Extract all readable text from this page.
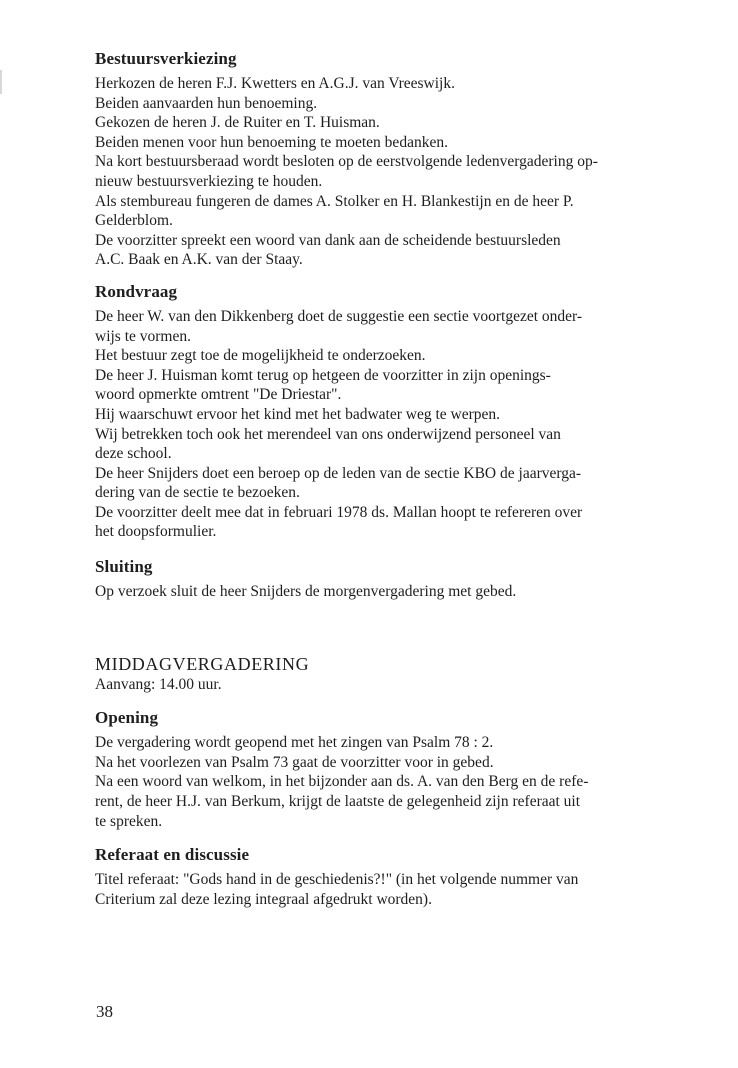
Bestuursverkiezing

Herkozen de heren F.J. Kwetters en A.G.J. van Vreeswijk.

Beiden aanvaarden hun benoeming.

Gekozen de heren J. de Ruiter en T. Huisman.

Beiden menen voor hun benoeming te moeten bedanken.

Na kort bestuursberaad wordt besloten op de eerstvolgende ledenvergadering op-

nieuw bestuursverkiezing te houden.

Als stembureau fungeren de dames A. Stolker en H. Blankestijn en de heer P.

Gelderblom.

De voorzitter spreekt een woord van dank aan de scheidende bestuursleden

A.C. Baak en A.K. van der Staay.

Rondvraag

De heer W. van den Dikkenberg doet de suggestie een sectie voortgezet onder-

wijs te vormen.

Het bestuur zegt toe de mogelijkheid te onderzoeken.

De heer J. Huisman komt terug op hetgeen de voorzitter in zijn openings-

woord opmerkte omtrent "De Driestar".

Hij waarschuwt ervoor het kind met het badwater weg te werpen.

Wij betrekken toch ook het merendeel van ons onderwijzend personeel van

deze school.

De heer Snijders doet een beroep op de leden van de sectie KBO de jaarverga-

dering van de sectie te bezoeken.

De voorzitter deelt mee dat in februari 1978 ds. Mallan hoopt te refereren over

het doopsformulier.

Sluiting

Op verzoek sluit de heer Snijders de morgenvergadering met gebed.

MIDDAGVERGADERING

Aanvang: 14.00 uur.

Opening

De vergadering wordt geopend met het zingen van Psalm 78 : 2.

Na het voorlezen van Psalm 73 gaat de voorzitter voor in gebed.

Na een woord van welkom, in het bijzonder aan ds. A. van den Berg en de refe-

rent, de heer H.J. van Berkum, krijgt de laatste de gelegenheid zijn referaat uit

te spreken.

Referaat en discussie

Titel referaat: "Gods hand in de geschiedenis?!" (in het volgende nummer van

Criterium zal deze lezing integraal afgedrukt worden).

38
